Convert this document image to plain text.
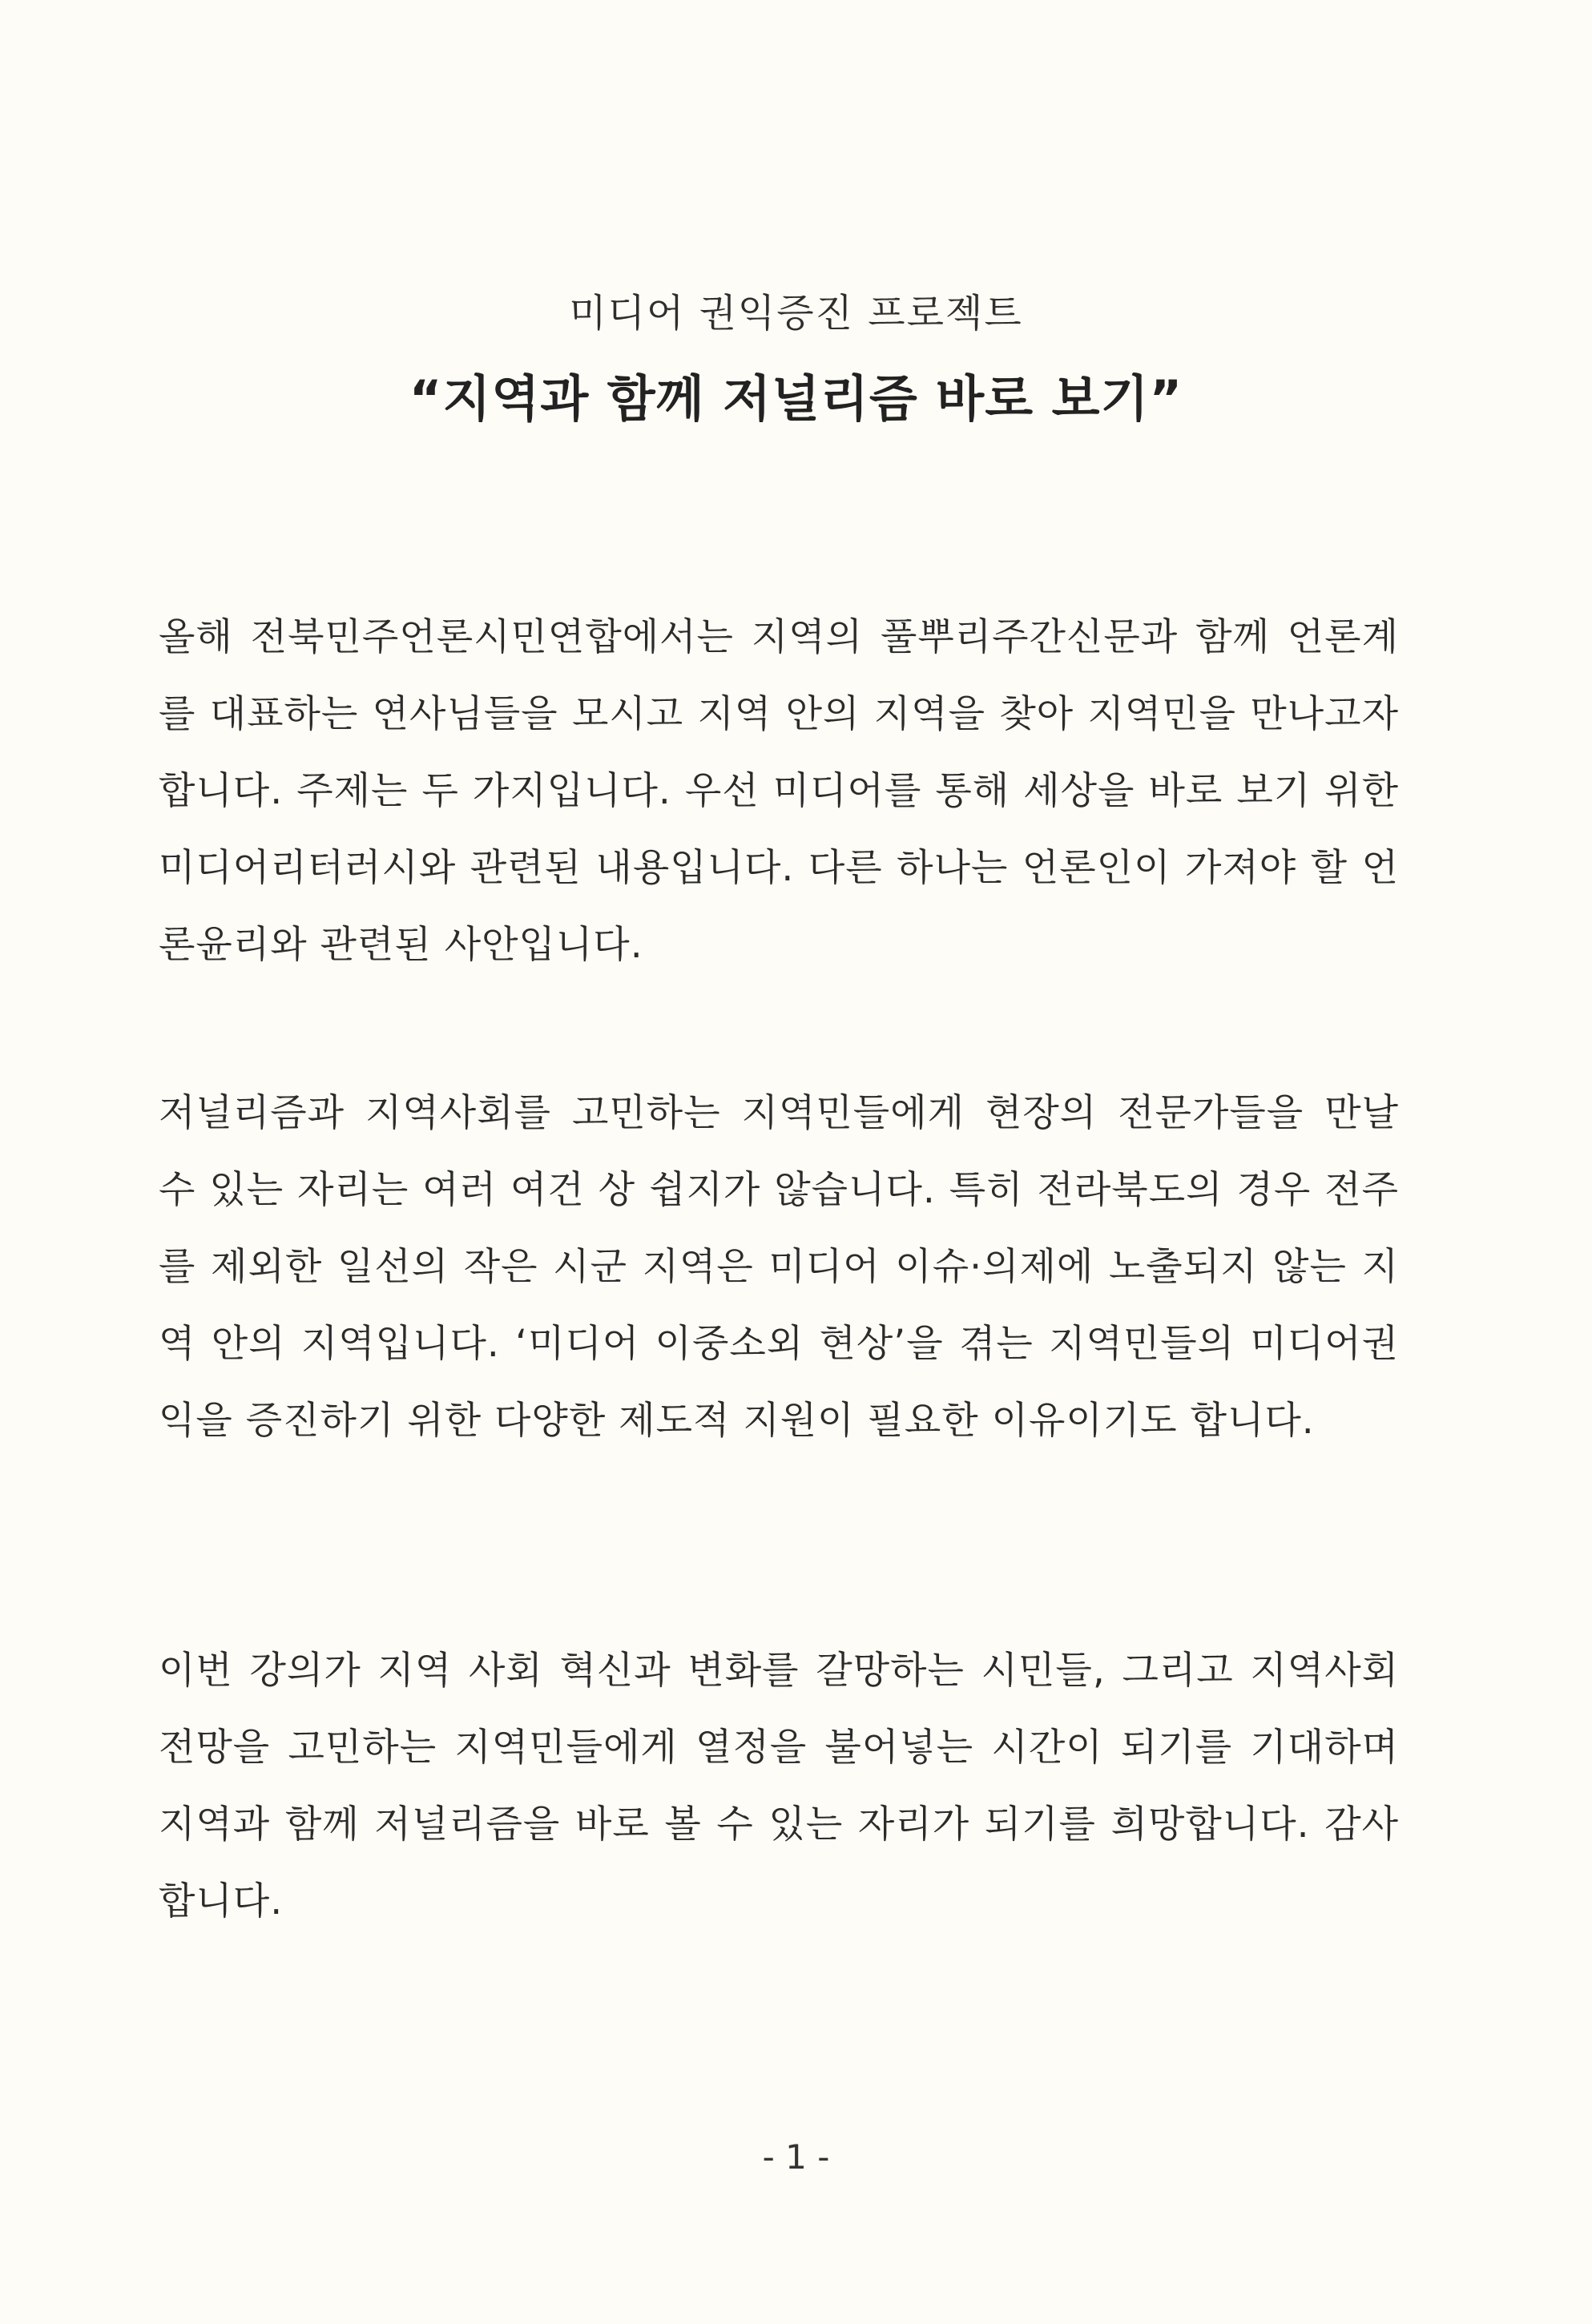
미디어 권익증진 프로젝트
“지역과 함께 저널리즘 바로 보기”

올해 전북민주언론시민연합에서는 지역의 풀뿌리주간신문과 함께 언론계를 대표하는 연사님들을 모시고 지역 안의 지역을 찾아 지역민을 만나고자 합니다. 주제는 두 가지입니다. 우선 미디어를 통해 세상을 바로 보기 위한 미디어리터러시와 관련된 내용입니다. 다른 하나는 언론인이 가져야 할 언론윤리와 관련된 사안입니다.

저널리즘과 지역사회를 고민하는 지역민들에게 현장의 전문가들을 만날 수 있는 자리는 여러 여건 상 쉽지가 않습니다. 특히 전라북도의 경우 전주를 제외한 일선의 작은 시군 지역은 미디어 이슈·의제에 노출되지 않는 지역 안의 지역입니다. ‘미디어 이중소외 현상’을 겪는 지역민들의 미디어권익을 증진하기 위한 다양한 제도적 지원이 필요한 이유이기도 합니다.

이번 강의가 지역 사회 혁신과 변화를 갈망하는 시민들, 그리고 지역사회 전망을 고민하는 지역민들에게 열정을 불어넣는 시간이 되기를 기대하며 지역과 함께 저널리즘을 바로 볼 수 있는 자리가 되기를 희망합니다. 감사합니다.

- 1 -
